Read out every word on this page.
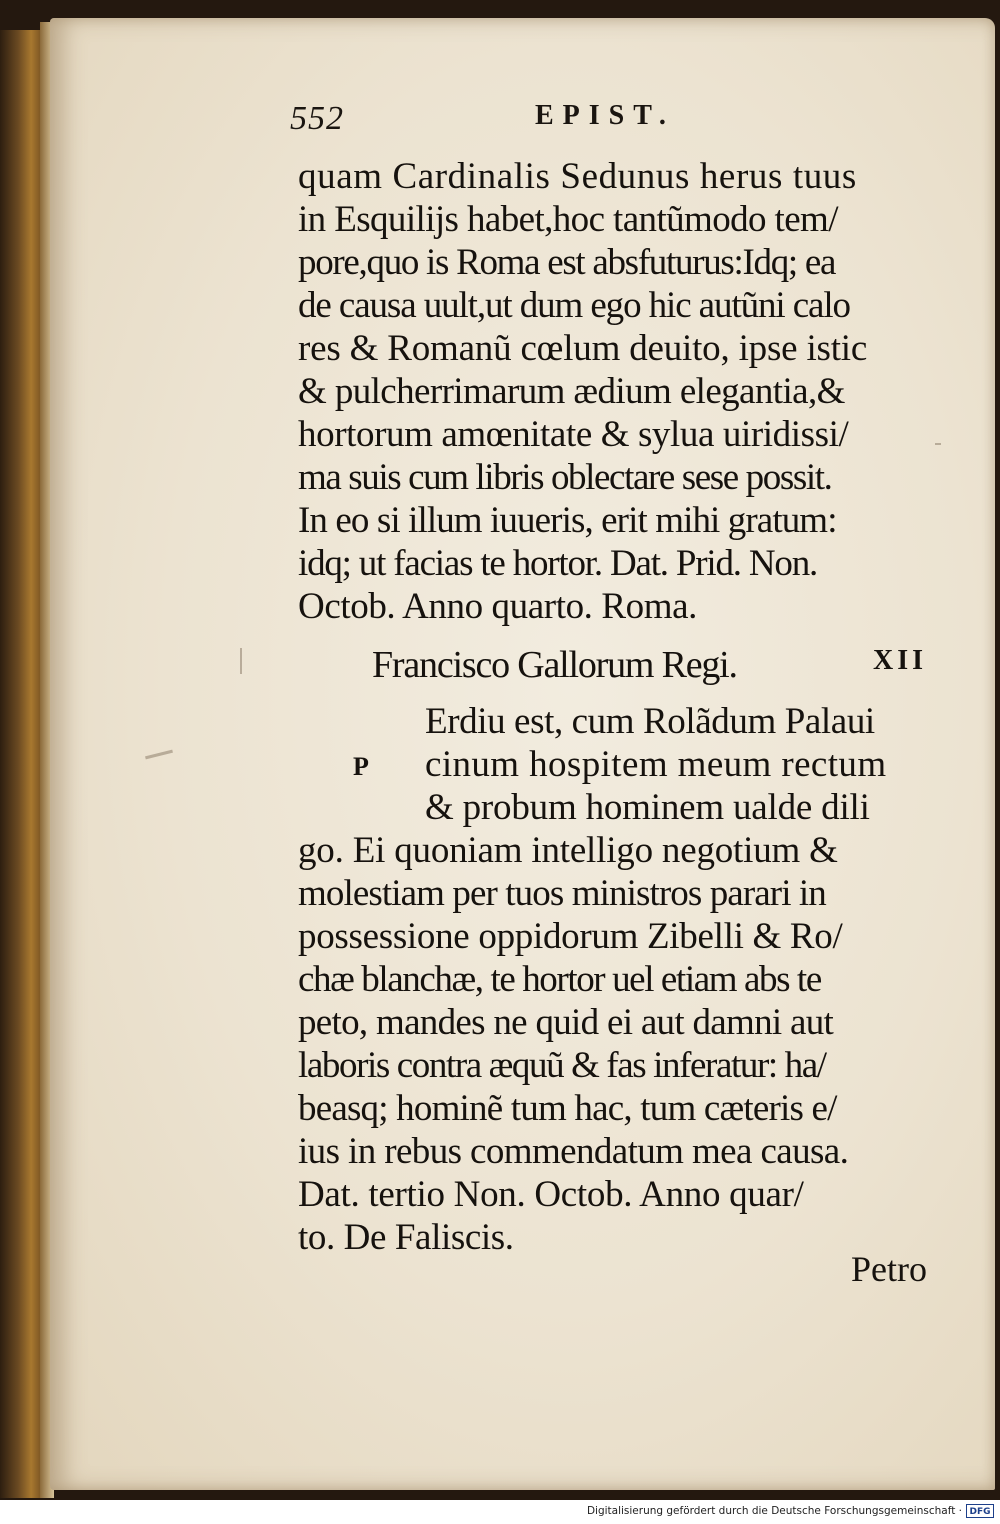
552	EPIST.
quam Cardinalis Sedunus herus tuus
in Esquilijs habet,hoc tantũmodo tem/
pore,quo is Roma est absfuturus:Idq; ea
de causa uult,ut dum ego hic autũni calo
res & Romanũ cœlum deuito, ipse istic
& pulcherrimarum ædium elegantia,&
hortorum amœnitate & sylua uiridissi/
ma suis cum libris oblectare sese possit.
In eo si illum iuueris, erit mihi gratum:
idq; ut facias te hortor. Dat. Prid. Non.
Octob. Anno quarto. Roma.
Francisco Gallorum Regi.	XII
P
Erdiu est, cum Rolãdum Palaui
cinum hospitem meum rectum
& probum hominem ualde dili
go. Ei quoniam intelligo negotium &
molestiam per tuos ministros parari in
possessione oppidorum Zibelli & Ro/
chæ blanchæ, te hortor uel etiam abs te
peto, mandes ne quid ei aut damni aut
laboris contra æquũ & fas inferatur: ha/
beasq; hominẽ tum hac, tum cæteris e/
ius in rebus commendatum mea causa.
Dat. tertio Non. Octob. Anno quar/
to. De Faliscis.
Petro
Digitalisierung gefördert durch die Deutsche Forschungsgemeinschaft · DFG
